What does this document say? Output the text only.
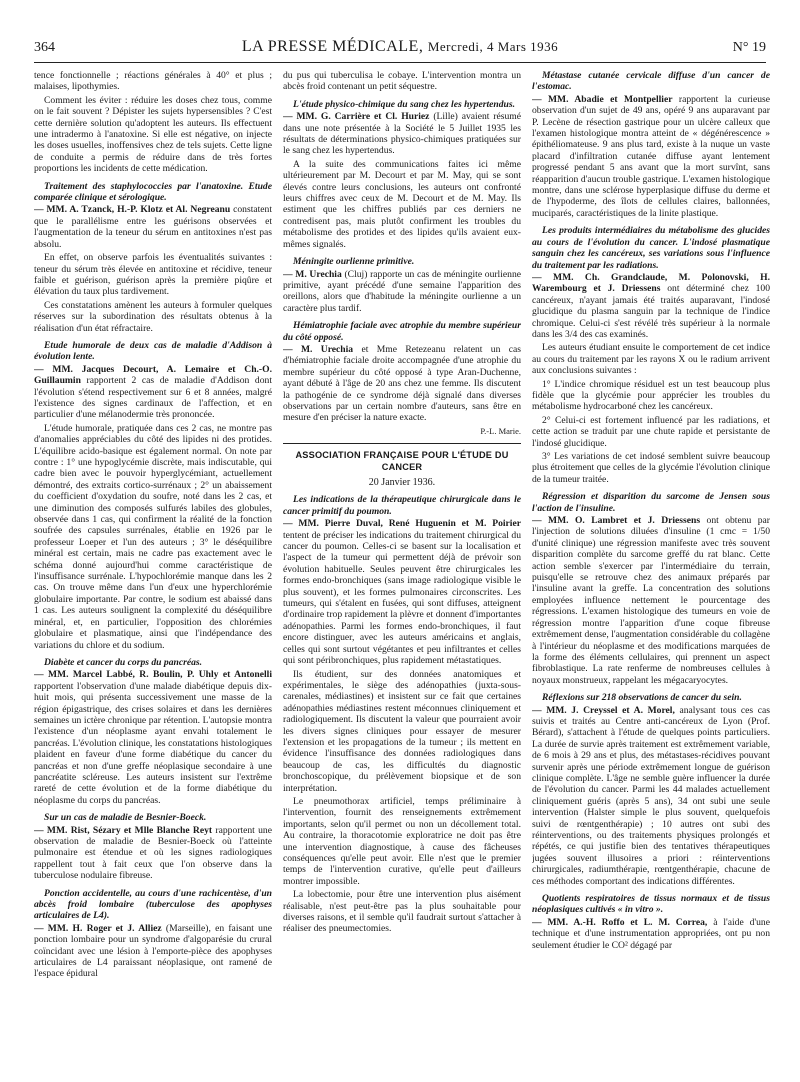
364	LA PRESSE MÉDICALE, Mercredi, 4 Mars 1936	N° 19

tence fonctionnelle ; réactions générales à 40° et plus ; malaises, lipothymies.

Comment les éviter : réduire les doses chez tous, comme on le fait souvent ? Dépister les sujets hypersensibles ? C'est cette dernière solution qu'adoptent les auteurs. Ils effectuent une intradermo à l'anatoxine. Si elle est négative, on injecte les doses usuelles, inoffensives chez de tels sujets. Cette ligne de conduite a permis de réduire dans de très fortes proportions les incidents de cette médication.

Traitement des staphylococcies par l'anatoxine. Etude comparée clinique et sérologique.

— MM. A. Tzanck, H.-P. Klotz et Al. Negreanu constatent que le parallélisme entre les guérisons observées et l'augmentation de la teneur du sérum en antitoxines n'est pas absolu.

En effet, on observe parfois les éventualités suivantes : teneur du sérum très élevée en antitoxine et récidive, teneur faible et guérison, guérison après la première piqûre et élévation du taux plus tardivement.

Ces constatations amènent les auteurs à formuler quelques réserves sur la subordination des résultats obtenus à la réalisation d'un état réfractaire.

Etude humorale de deux cas de maladie d'Addison à évolution lente.

— MM. Jacques Decourt, A. Lemaire et Ch.-O. Guillaumin rapportent 2 cas de maladie d'Addison dont l'évolution s'étend respectivement sur 6 et 8 années, malgré l'existence des signes cardinaux de l'affection, et en particulier d'une mélanodermie très prononcée.

L'étude humorale, pratiquée dans ces 2 cas, ne montre pas d'anomalies appréciables du côté des lipides ni des protides. L'équilibre acido-basique est également normal. On note par contre : 1° une hypoglycémie discrète, mais indiscutable, qui cadre bien avec le pouvoir hyperglycémiant, actuellement démontré, des extraits cortico-surrénaux ; 2° un abaissement du coefficient d'oxydation du soufre, noté dans les 2 cas, et une diminution des composés sulfurés labiles des globules, observée dans 1 cas, qui confirment la réalité de la fonction soufrée des capsules surrénales, établie en 1926 par le professeur Loeper et l'un des auteurs ; 3° le déséquilibre minéral est certain, mais ne cadre pas exactement avec le schéma donné aujourd'hui comme caractéristique de l'insuffisance surrénale. L'hypochlorémie manque dans les 2 cas. On trouve même dans l'un d'eux une hyperchlorémie globulaire importante. Par contre, le sodium est abaissé dans 1 cas. Les auteurs soulignent la complexité du déséquilibre minéral, et, en particulier, l'opposition des chlorémies globulaire et plasmatique, ainsi que l'indépendance des variations du chlore et du sodium.

Diabète et cancer du corps du pancréas.

— MM. Marcel Labbé, R. Boulin, P. Uhly et Antonelli rapportent l'observation d'une malade diabétique depuis dix-huit mois, qui présenta successivement une masse de la région épigastrique, des crises solaires et dans les dernières semaines un ictère chronique par rétention. L'autopsie montra l'existence d'un néoplasme ayant envahi totalement le pancréas. L'évolution clinique, les constatations histologiques plaident en faveur d'une forme diabétique du cancer du pancréas et non d'une greffe néoplasique secondaire à une pancréatite scléreuse. Les auteurs insistent sur l'extrême rareté de cette évolution et de la forme diabétique du néoplasme du corps du pancréas.

Sur un cas de maladie de Besnier-Boeck.

— MM. Rist, Sézary et Mlle Blanche Reyt rapportent une observation de maladie de Besnier-Boeck où l'atteinte pulmonaire est étendue et où les signes radiologiques rappellent tout à fait ceux que l'on observe dans la tuberculose nodulaire fibreuse.

Ponction accidentelle, au cours d'une rachicentèse, d'un abcès froid lombaire (tuberculose des apophyses articulaires de L4).

— MM. H. Roger et J. Alliez (Marseille), en faisant une ponction lombaire pour un syndrome d'algoparésie du crural coïncidant avec une lésion à l'emporte-pièce des apophyses articulaires de L4 paraissant néoplasique, ont ramené de l'espace épidural

du pus qui tuberculisa le cobaye. L'intervention montra un abcès froid contenant un petit séquestre.

L'étude physico-chimique du sang chez les hypertendus.

— MM. G. Carrière et Cl. Huriez (Lille) avaient résumé dans une note présentée à la Société le 5 Juillet 1935 les résultats de déterminations physico-chimiques pratiquées sur le sang chez les hypertendus.

A la suite des communications faites ici même ultérieurement par M. Decourt et par M. May, qui se sont élevés contre leurs conclusions, les auteurs ont confronté leurs chiffres avec ceux de M. Decourt et de M. May. Ils estiment que les chiffres publiés par ces derniers ne contredisent pas, mais plutôt confirment les troubles du métabolisme des protides et des lipides qu'ils avaient eux-mêmes signalés.

Méningite ourlienne primitive.

— M. Urechia (Cluj) rapporte un cas de méningite ourlienne primitive, ayant précédé d'une semaine l'apparition des oreillons, alors que d'habitude la méningite ourlienne a un caractère plus tardif.

Hémiatrophie faciale avec atrophie du membre supérieur du côté opposé.

— M. Urechia et Mme Retezeanu relatent un cas d'hémiatrophie faciale droite accompagnée d'une atrophie du membre supérieur du côté opposé à type Aran-Duchenne, ayant débuté à l'âge de 20 ans chez une femme. Ils discutent la pathogénie de ce syndrome déjà signalé dans diverses observations par un certain nombre d'auteurs, sans être en mesure d'en préciser la nature exacte.

P.-L. Marie.

ASSOCIATION FRANÇAISE POUR L'ÉTUDE DU CANCER
20 Janvier 1936.
Les indications de la thérapeutique chirurgicale dans le cancer primitif du poumon.

— MM. Pierre Duval, René Huguenin et M. Poirier tentent de préciser les indications du traitement chirurgical du cancer du poumon. Celles-ci se basent sur la localisation et l'aspect de la tumeur qui permettent déjà de prévoir son évolution habituelle. Seules peuvent être chirurgicales les formes endo-bronchiques (sans image radiologique visible le plus souvent), et les formes pulmonaires circonscrites. Les tumeurs, qui s'étalent en fusées, qui sont diffuses, atteignent d'ordinaire trop rapidement la plèvre et donnent d'importantes adénopathies. Parmi les formes endo-bronchiques, il faut encore distinguer, avec les auteurs américains et anglais, celles qui sont surtout végétantes et peu infiltrantes et celles qui sont péribronchiques, plus rapidement métastatiques.

Ils étudient, sur des données anatomiques et expérimentales, le siège des adénopathies (juxta-sous-carenales, médiastines) et insistent sur ce fait que certaines adénopathies médiastines restent méconnues cliniquement et radiologiquement. Ils discutent la valeur que pourraient avoir les divers signes cliniques pour essayer de mesurer l'extension et les propagations de la tumeur ; ils mettent en évidence l'insuffisance des données radiologiques dans beaucoup de cas, les difficultés du diagnostic bronchoscopique, du prélèvement biopsique et de son interprétation.

Le pneumothorax artificiel, temps préliminaire à l'intervention, fournit des renseignements extrêmement importants, selon qu'il permet ou non un décollement total. Au contraire, la thoracotomie exploratrice ne doit pas être une intervention diagnostique, à cause des fâcheuses conséquences qu'elle peut avoir. Elle n'est que le premier temps de l'intervention curative, qu'elle peut d'ailleurs montrer impossible.

La lobectomie, pour être une intervention plus aisément réalisable, n'est peut-être pas la plus souhaitable pour diverses raisons, et il semble qu'il faudrait surtout s'attacher à réaliser des pneumectomies.

Métastase cutanée cervicale diffuse d'un cancer de l'estomac.

— MM. Abadie et Montpellier rapportent la curieuse observation d'un sujet de 49 ans, opéré 9 ans auparavant par P. Lecène de résection gastrique pour un ulcère calleux que l'examen histologique montra atteint de « dégénérescence » épithéliomateuse. 9 ans plus tard, existe à la nuque un vaste placard d'infiltration cutanée diffuse ayant lentement progressé pendant 5 ans avant que la mort survînt, sans réapparition d'aucun trouble gastrique. L'examen histologique montre, dans une sclérose hyperplasique diffuse du derme et de l'hypoderme, des îlots de cellules claires, ballonnées, muciparés, caractéristiques de la linite plastique.

Les produits intermédiaires du métabolisme des glucides au cours de l'évolution du cancer. L'indosé plasmatique sanguin chez les cancéreux, ses variations sous l'influence du traitement par les radiations.

— MM. Ch. Grandclaude, M. Polonovski, H. Warembourg et J. Driessens ont déterminé chez 100 cancéreux, n'ayant jamais été traités auparavant, l'indosé glucidique du plasma sanguin par la technique de l'indice chromique. Celui-ci s'est révélé très supérieur à la normale dans les 3/4 des cas examinés.

Les auteurs étudiant ensuite le comportement de cet indice au cours du traitement par les rayons X ou le radium arrivent aux conclusions suivantes :

1° L'indice chromique résiduel est un test beaucoup plus fidèle que la glycémie pour apprécier les troubles du métabolisme hydrocarboné chez les cancéreux.

2° Celui-ci est fortement influencé par les radiations, et cette action se traduit par une chute rapide et persistante de l'indosé glucidique.

3° Les variations de cet indosé semblent suivre beaucoup plus étroitement que celles de la glycémie l'évolution clinique de la tumeur traitée.

Régression et disparition du sarcome de Jensen sous l'action de l'insuline.

— MM. O. Lambret et J. Driessens ont obtenu par l'injection de solutions diluées d'insuline (1 cmc = 1/50 d'unité clinique) une régression manifeste avec très souvent disparition complète du sarcome greffé du rat blanc. Cette action semble s'exercer par l'intermédiaire du terrain, puisqu'elle se retrouve chez des animaux préparés par l'insuline avant la greffe. La concentration des solutions employées influence nettement le pourcentage des régressions. L'examen histologique des tumeurs en voie de régression montre l'apparition d'une coque fibreuse extrêmement dense, l'augmentation considérable du collagène à l'intérieur du néoplasme et des modifications marquées de la forme des éléments cellulaires, qui prennent un aspect fibroblastique. La rate renferme de nombreuses cellules à noyaux monstrueux, rappelant les mégacaryocytes.

Réflexions sur 218 observations de cancer du sein.

— MM. J. Creyssel et A. Morel, analysant tous ces cas suivis et traités au Centre anti-cancéreux de Lyon (Prof. Bérard), s'attachent à l'étude de quelques points particuliers. La durée de survie après traitement est extrêmement variable, de 6 mois à 29 ans et plus, des métastases-récidives pouvant survenir après une période extrêmement longue de guérison clinique complète. L'âge ne semble guère influencer la durée de l'évolution du cancer. Parmi les 44 malades actuellement cliniquement guéris (après 5 ans), 34 ont subi une seule intervention (Halster simple le plus souvent, quelquefois suivi de rœntgenthérapie) ; 10 autres ont subi des réinterventions, ou des traitements physiques prolongés et répétés, ce qui justifie bien des tentatives thérapeutiques jugées souvent illusoires a priori : réinterventions chirurgicales, radiumthérapie, rœntgenthérapie, chacune de ces méthodes comportant des indications différentes.

Quotients respiratoires de tissus normaux et de tissus néoplasiques cultivés « in vitro ».

— MM. A.-H. Roffo et L. M. Correa, à l'aide d'une technique et d'une instrumentation appropriées, ont pu non seulement étudier le CO² dégagé par
